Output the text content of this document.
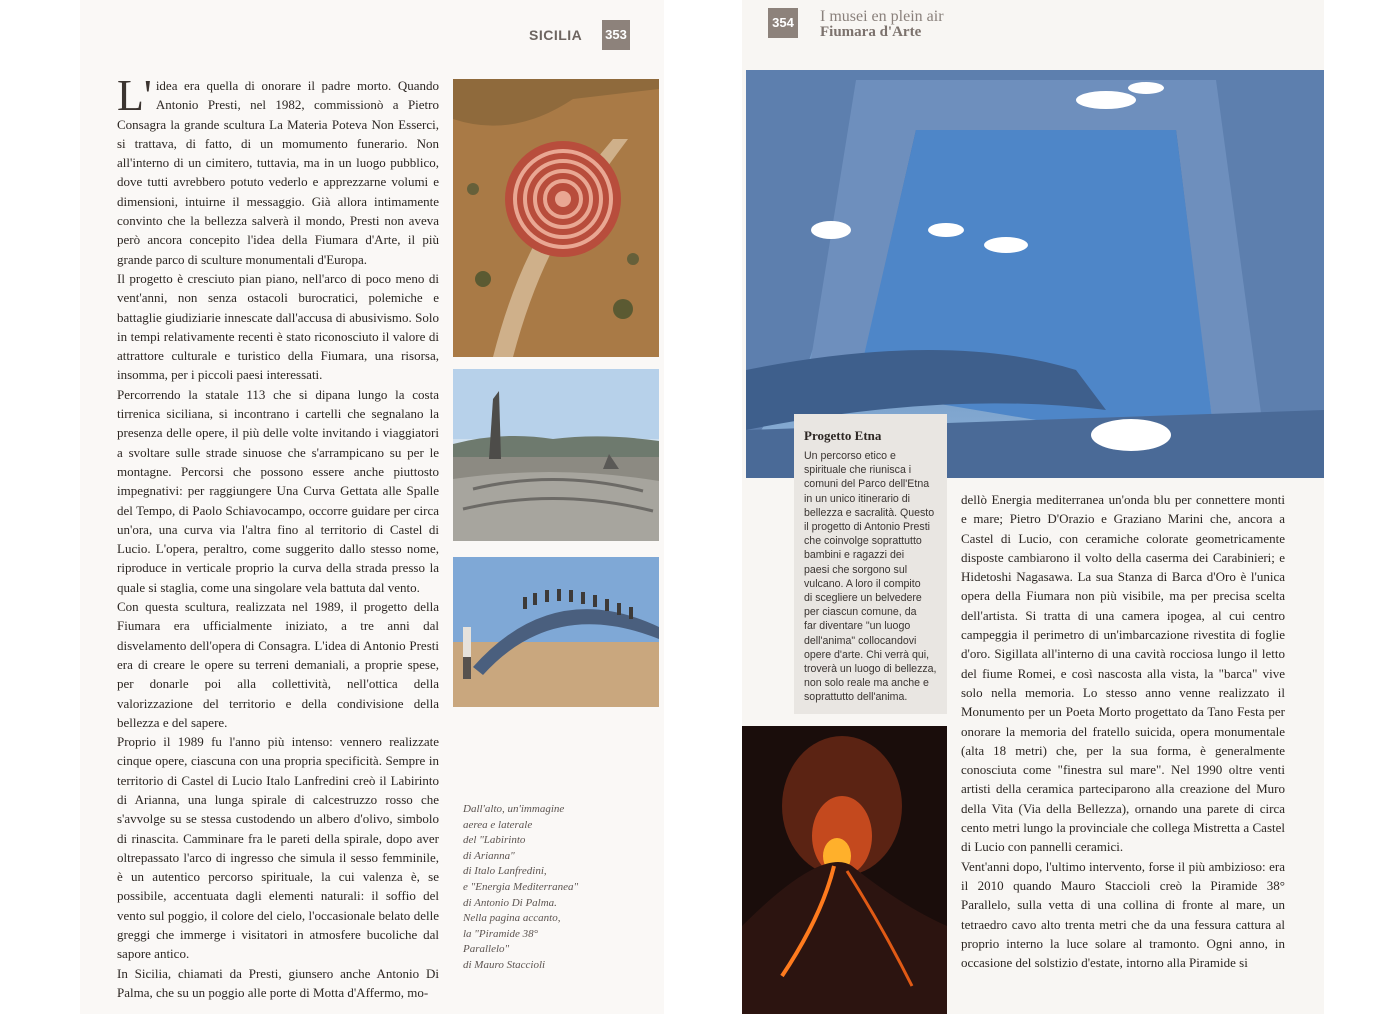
SICILIA 353
L' idea era quella di onorare il padre morto. Quando Antonio Presti, nel 1982, commissionò a Pietro Consagra la grande scultura La Materia Poteva Non Esserci, si trattava, di fatto, di un momumento funerario. Non all'interno di un cimitero, tuttavia, ma in un luogo pubblico, dove tutti avrebbero potuto vederlo e apprezzarne volumi e dimensioni, intuirne il messaggio. Già allora intimamente convinto che la bellezza salverà il mondo, Presti non aveva però ancora concepito l'idea della Fiumara d'Arte, il più grande parco di sculture monumentali d'Europa.

Il progetto è cresciuto pian piano, nell'arco di poco meno di vent'anni, non senza ostacoli burocratici, polemiche e battaglie giudiziarie innescate dall'accusa di abusivismo. Solo in tempi relativamente recenti è stato riconosciuto il valore di attrattore culturale e turistico della Fiumara, una risorsa, insomma, per i piccoli paesi interessati.

Percorrendo la statale 113 che si dipana lungo la costa tirrenica siciliana, si incontrano i cartelli che segnalano la presenza delle opere, il più delle volte invitando i viaggiatori a svoltare sulle strade sinuose che s'arrampicano su per le montagne. Percorsi che possono essere anche piuttosto impegnativi: per raggiungere Una Curva Gettata alle Spalle del Tempo, di Paolo Schiavocampo, occorre guidare per circa un'ora, una curva via l'altra fino al territorio di Castel di Lucio. L'opera, peraltro, come suggerito dallo stesso nome, riproduce in verticale proprio la curva della strada presso la quale si staglia, come una singolare vela battuta dal vento.

Con questa scultura, realizzata nel 1989, il progetto della Fiumara era ufficialmente iniziato, a tre anni dal disvelamento dell'opera di Consagra. L'idea di Antonio Presti era di creare le opere su terreni demaniali, a proprie spese, per donarle poi alla collettività, nell'ottica della valorizzazione del territorio e della condivisione della bellezza e del sapere.

Proprio il 1989 fu l'anno più intenso: vennero realizzate cinque opere, ciascuna con una propria specificità. Sempre in territorio di Castel di Lucio Italo Lanfredini creò il Labirinto di Arianna, una lunga spirale di calcestruzzo rosso che s'avvolge su se stessa custodendo un albero d'olivo, simbolo di rinascita. Camminare fra le pareti della spirale, dopo aver oltrepassato l'arco di ingresso che simula il sesso femminile, è un autentico percorso spirituale, la cui valenza è, se possibile, accentuata dagli elementi naturali: il soffio del vento sul poggio, il colore del cielo, l'occasionale belato delle greggi che immerge i visitatori in atmosfere bucoliche dal sapore antico.

In Sicilia, chiamati da Presti, giunsero anche Antonio Di Palma, che su un poggio alle porte di Motta d'Affermo, mo-

Dall'alto, un'immagine
aerea e laterale
del "Labirinto
di Arianna"
di Italo Lanfredini,
e "Energia Mediterranea"
di Antonio Di Palma.
Nella pagina accanto,
la "Piramide 38°
Parallelo"
di Mauro Staccioli
354 I musei en plein air
Fiumara d'Arte
Progetto Etna
Un percorso etico e
spirituale che riunisca i
comuni del Parco dell'Etna
in un unico itinerario di
bellezza e sacralità. Questo
il progetto di Antonio Presti
che coinvolge soprattutto
bambini e ragazzi dei
paesi che sorgono sul
vulcano. A loro il compito
di scegliere un belvedere
per ciascun comune, da
far diventare "un luogo
dell'anima" collocandovi
opere d'arte. Chi verrà qui,
troverà un luogo di bellezza,
non solo reale ma anche e
soprattutto dell'anima.

dellò Energia mediterranea un'onda blu per connettere monti e mare; Pietro D'Orazio e Graziano Marini che, ancora a Castel di Lucio, con ceramiche colorate geometricamente disposte cambiarono il volto della caserma dei Carabinieri; e Hidetoshi Nagasawa. La sua Stanza di Barca d'Oro è l'unica opera della Fiumara non più visibile, ma per precisa scelta dell'artista. Si tratta di una camera ipogea, al cui centro campeggia il perimetro di un'imbarcazione rivestita di foglie d'oro. Sigillata all'interno di una cavità rocciosa lungo il letto del fiume Romei, e così nascosta alla vista, la "barca" vive solo nella memoria. Lo stesso anno venne realizzato il Monumento per un Poeta Morto progettato da Tano Festa per onorare la memoria del fratello suicida, opera monumentale (alta 18 metri) che, per la sua forma, è generalmente conosciuta come "finestra sul mare". Nel 1990 oltre venti artisti della ceramica parteciparono alla creazione del Muro della Vita (Via della Bellezza), ornando una parete di circa cento metri lungo la provinciale che collega Mistretta a Castel di Lucio con pannelli ceramici.

Vent'anni dopo, l'ultimo intervento, forse il più ambizioso: era il 2010 quando Mauro Staccioli creò la Piramide 38° Parallelo, sulla vetta di una collina di fronte al mare, un tetraedro cavo alto trenta metri che da una fessura cattura al proprio interno la luce solare al tramonto. Ogni anno, in occasione del solstizio d'estate, intorno alla Piramide si
